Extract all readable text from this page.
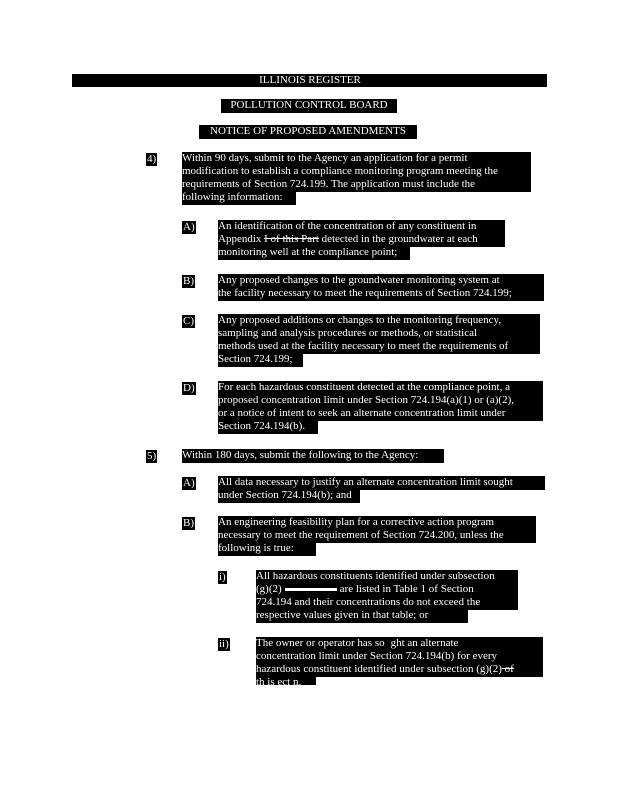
ILLINOIS REGISTER
POLLUTION CONTROL BOARD
NOTICE OF PROPOSED AMENDMENTS
4) Within 90 days, submit to the Agency an application for a permit
modification to establish a compliance monitoring program meeting the
requirements of Section 724.199. The application must include the
following information:
A) An identification of the concentration of any constituent in
Appendix I of this Part detected in the groundwater at each
monitoring well at the compliance point;
B) Any proposed changes to the groundwater monitoring system at
the facility necessary to meet the requirements of Section 724.199;
C) Any proposed additions or changes to the monitoring frequency,
sampling and analysis procedures or methods, or statistical
methods used at the facility necessary to meet the requirements of
Section 724.199;
D) For each hazardous constituent detected at the compliance point, a
proposed concentration limit under Section 724.194(a)(1) or (a)(2),
or a notice of intent to seek an alternate concentration limit under
Section 724.194(b).
5) Within 180 days, submit the following to the Agency:
A) All data necessary to justify an alternate concentration limit sought
under Section 724.194(b); and
B) An engineering feasibility plan for a corrective action program
necessary to meet the requirement of Section 724.200, unless the
following is true:
i)	All hazardous constituents identified under subsection
(g)(2)	are listed in Table 1 of Section
724.194 and their concentrations do not exceed the
respective values given in that table; or
ii) The owner or operator has so ght an alternate
concentration limit under Section 724.194(b) for every
hazardous constituent identified under subsection (g)(2) of
th is ect n.
